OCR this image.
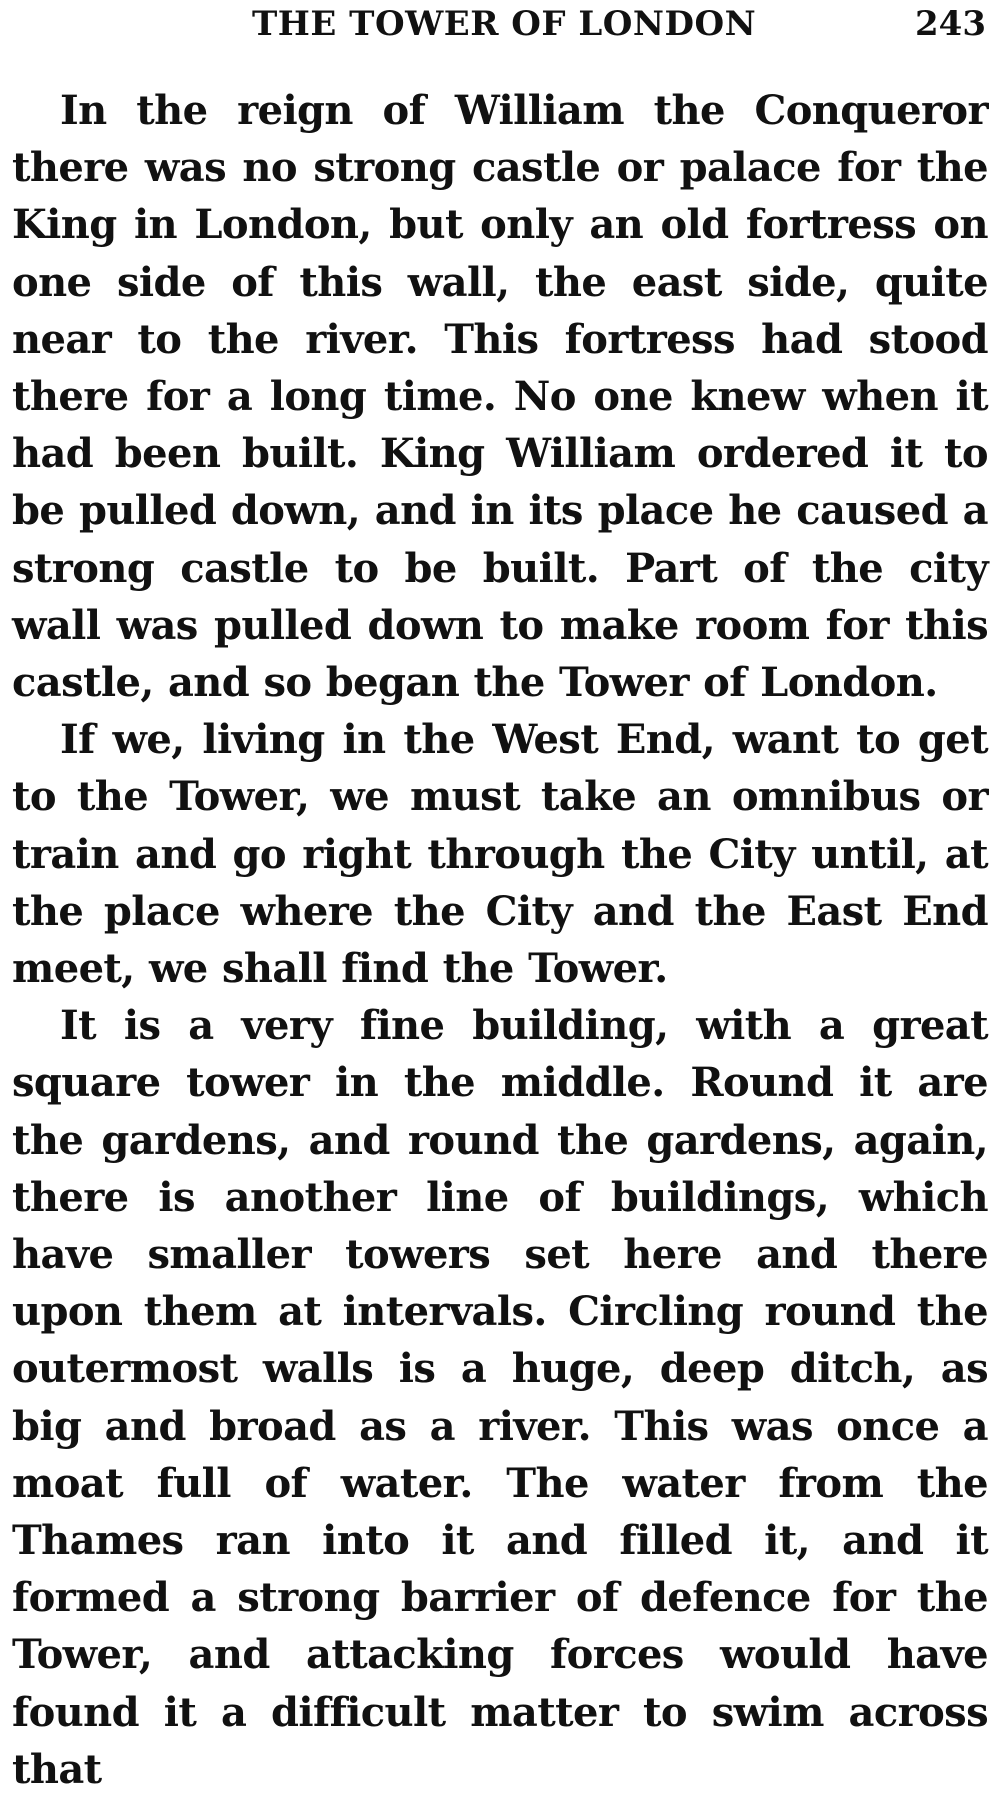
THE TOWER OF LONDON	243

In the reign of William the Conqueror there was no strong castle or palace for the King in London, but only an old fortress on one side of this wall, the east side, quite near to the river. This fortress had stood there for a long time. No one knew when it had been built. King William ordered it to be pulled down, and in its place he caused a strong castle to be built. Part of the city wall was pulled down to make room for this castle, and so began the Tower of London.

If we, living in the West End, want to get to the Tower, we must take an omnibus or train and go right through the City until, at the place where the City and the East End meet, we shall find the Tower.

It is a very fine building, with a great square tower in the middle. Round it are the gardens, and round the gardens, again, there is another line of buildings, which have smaller towers set here and there upon them at intervals. Circling round the outermost walls is a huge, deep ditch, as big and broad as a river. This was once a moat full of water. The water from the Thames ran into it and filled it, and it formed a strong barrier of defence for the Tower, and attacking forces would have found it a difficult matter to swim across that
